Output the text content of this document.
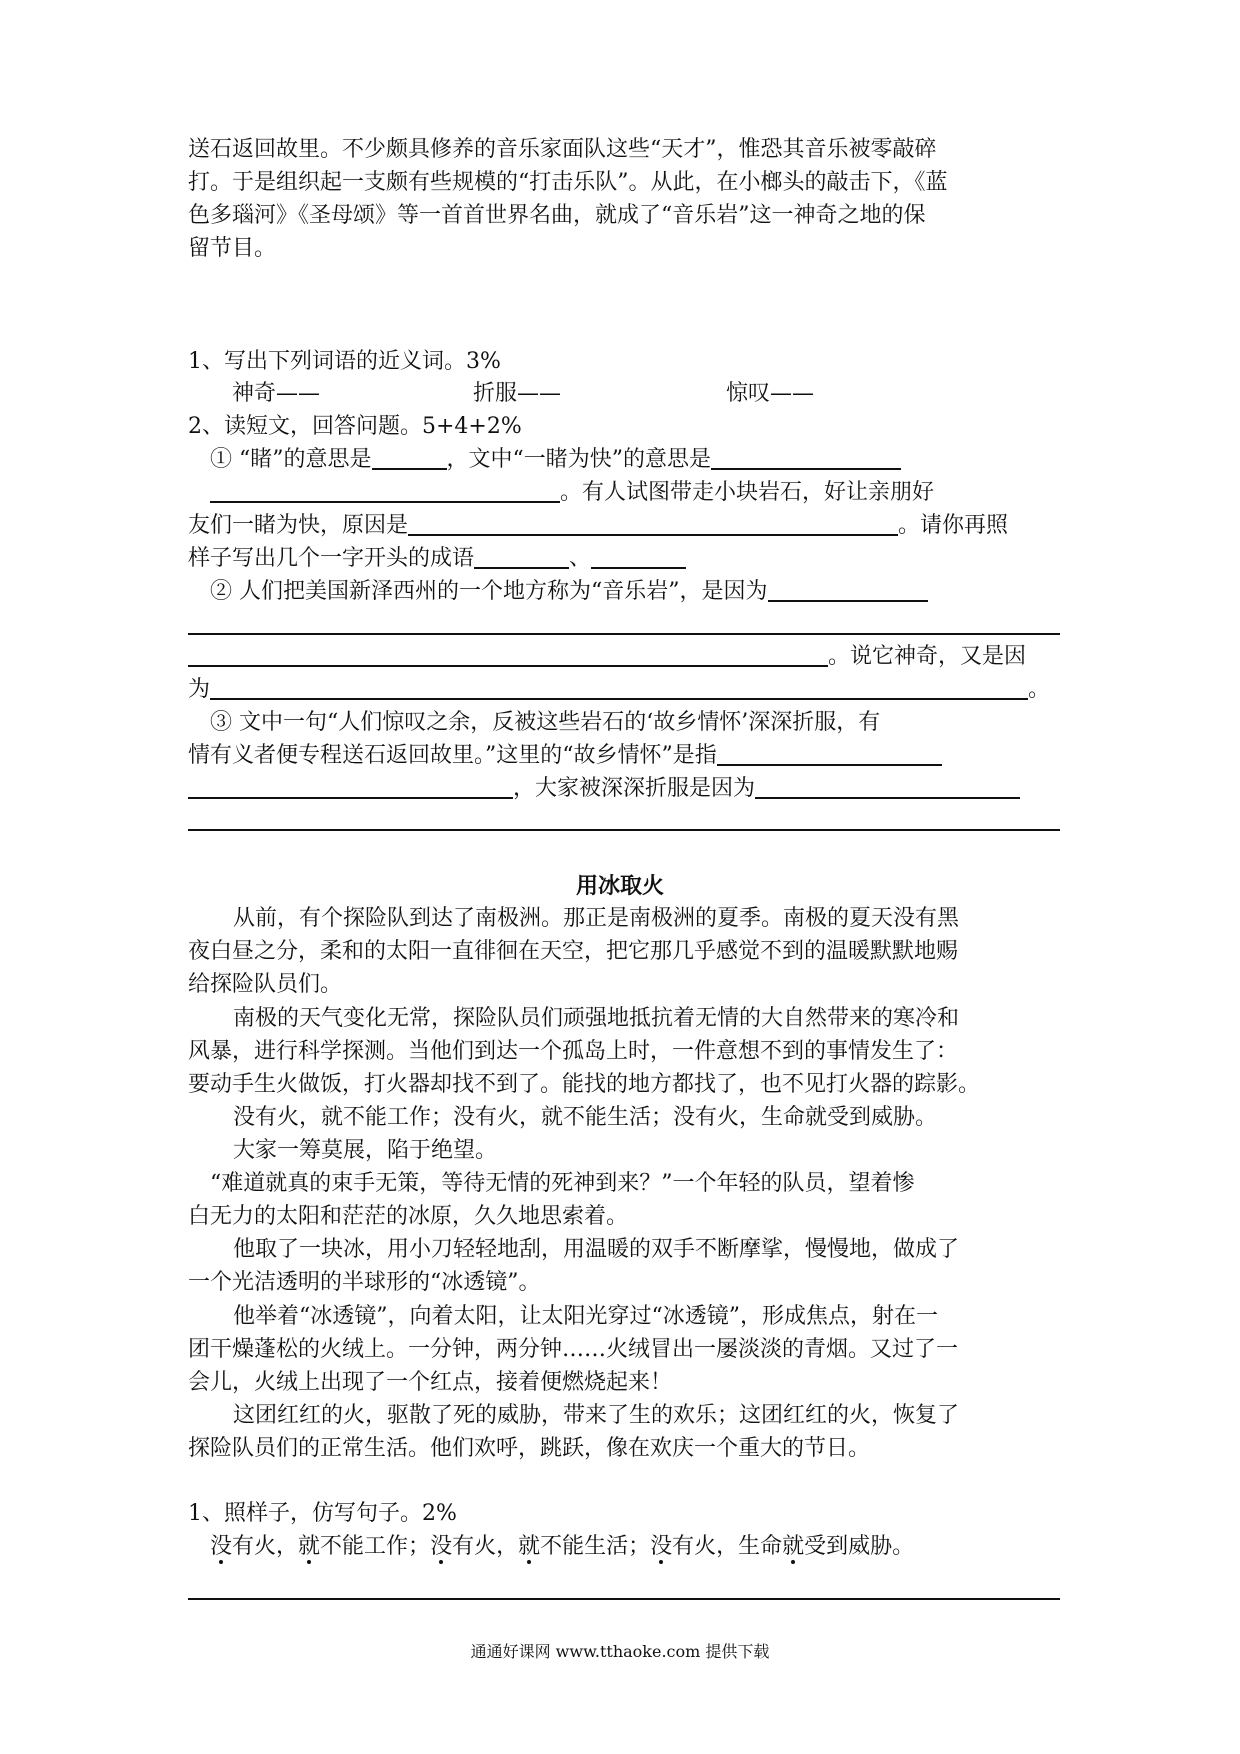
送石返回故里。不少颇具修养的音乐家面队这些“天才”，惟恐其音乐被零敲碎
打。于是组织起一支颇有些规模的“打击乐队”。从此，在小榔头的敲击下，《蓝
色多瑙河》《圣母颂》等一首首世界名曲，就成了“音乐岩”这一神奇之地的保
留节目。
1、写出下列词语的近义词。3%
神奇——	折服——	惊叹——
2、读短文，回答问题。5+4+2%
① “睹”的意思是	，文中“一睹为快”的意思是
。有人试图带走小块岩石，好让亲朋好
友们一睹为快，原因是	。请你再照
样子写出几个一字开头的成语	、
② 人们把美国新泽西州的一个地方称为“音乐岩”，是因为
。说它神奇，又是因
为	。
③ 文中一句“人们惊叹之余，反被这些岩石的‘故乡情怀’深深折服，有
情有义者便专程送石返回故里。”这里的“故乡情怀”是指
，大家被深深折服是因为
用冰取火
从前，有个探险队到达了南极洲。那正是南极洲的夏季。南极的夏天没有黑
夜白昼之分，柔和的太阳一直徘徊在天空，把它那几乎感觉不到的温暖默默地赐
给探险队员们。
南极的天气变化无常，探险队员们顽强地抵抗着无情的大自然带来的寒冷和
风暴，进行科学探测。当他们到达一个孤岛上时，一件意想不到的事情发生了：
要动手生火做饭，打火器却找不到了。能找的地方都找了，也不见打火器的踪影。
没有火，就不能工作；没有火，就不能生活；没有火，生命就受到威胁。
大家一筹莫展，陷于绝望。
“难道就真的束手无策，等待无情的死神到来？”一个年轻的队员，望着惨
白无力的太阳和茫茫的冰原，久久地思索着。
他取了一块冰，用小刀轻轻地刮，用温暖的双手不断摩挲，慢慢地，做成了
一个光洁透明的半球形的“冰透镜”。
他举着“冰透镜”，向着太阳，让太阳光穿过“冰透镜”，形成焦点，射在一
团干燥蓬松的火绒上。一分钟，两分钟……火绒冒出一屡淡淡的青烟。又过了一
会儿，火绒上出现了一个红点，接着便燃烧起来！
这团红红的火，驱散了死的威胁，带来了生的欢乐；这团红红的火，恢复了
探险队员们的正常生活。他们欢呼，跳跃，像在欢庆一个重大的节日。
1、照样子，仿写句子。2%
没有火，就不能工作；没有火，就不能生活；没有火，生命就受到威胁。
通通好课网 www.tthaoke.com 提供下载
